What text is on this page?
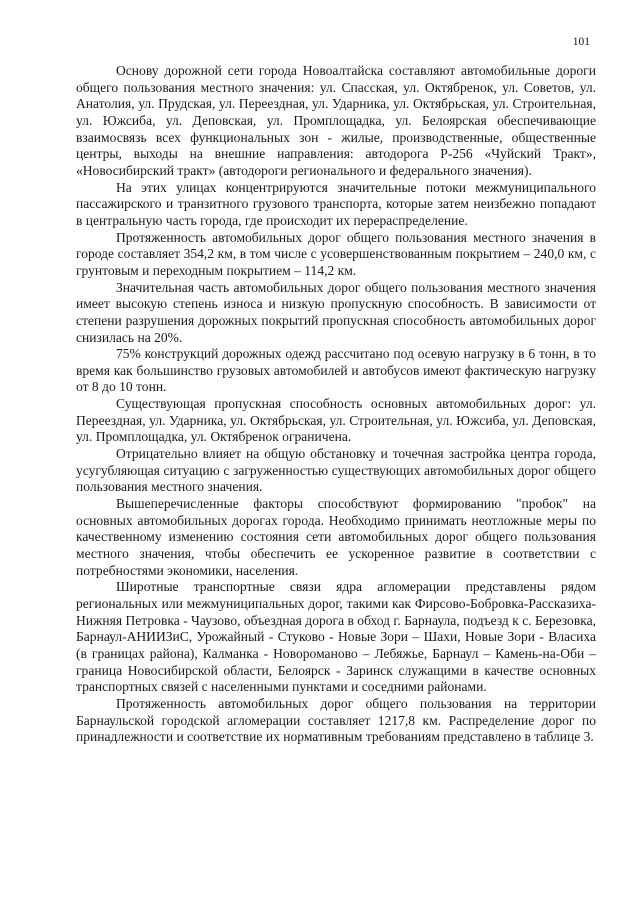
101

Основу дорожной сети города Новоалтайска составляют автомобильные дороги общего пользования местного значения: ул. Спасская, ул. Октябренок, ул. Советов, ул. Анатолия, ул. Прудская, ул. Переездная, ул. Ударника, ул. Октябрьская, ул. Строительная, ул. Южсиба, ул. Деповская, ул. Промплощадка, ул. Белоярская обеспечивающие взаимосвязь всех функциональных зон - жилые, производственные, общественные центры, выходы на внешние направления: автодорога Р-256 «Чуйский Тракт», «Новосибирский тракт» (автодороги регионального и федерального значения).

На этих улицах концентрируются значительные потоки межмуниципального пассажирского и транзитного грузового транспорта, которые затем неизбежно попадают в центральную часть города, где происходит их перераспределение.

Протяженность автомобильных дорог общего пользования местного значения в городе составляет 354,2 км, в том числе с усовершенствованным покрытием – 240,0 км, с грунтовым и переходным покрытием – 114,2 км.

Значительная часть автомобильных дорог общего пользования местного значения имеет высокую степень износа и низкую пропускную способность. В зависимости от степени разрушения дорожных покрытий пропускная способность автомобильных дорог снизилась на 20%.

75% конструкций дорожных одежд рассчитано под осевую нагрузку в 6 тонн, в то время как большинство грузовых автомобилей и автобусов имеют фактическую нагрузку от 8 до 10 тонн.

Существующая пропускная способность основных автомобильных дорог: ул. Переездная, ул. Ударника, ул. Октябрьская, ул. Строительная, ул. Южсиба, ул. Деповская, ул. Промплощадка, ул. Октябренок ограничена.

Отрицательно влияет на общую обстановку и точечная застройка центра города, усугубляющая ситуацию с загруженностью существующих автомобильных дорог общего пользования местного значения.

Вышеперечисленные факторы способствуют формированию "пробок" на основных автомобильных дорогах города. Необходимо принимать неотложные меры по качественному изменению состояния сети автомобильных дорог общего пользования местного значения, чтобы обеспечить ее ускоренное развитие в соответствии с потребностями экономики, населения.

Широтные транспортные связи ядра агломерации представлены рядом региональных или межмуниципальных дорог, такими как Фирсово-Бобровка-Рассказиха-Нижняя Петровка - Чаузово, объездная дорога в обход г. Барнаула, подъезд к с. Березовка, Барнаул-АНИИЗиС, Урожайный - Стуково - Новые Зори – Шахи, Новые Зори - Власиха (в границах района), Калманка - Новороманово – Лебяжье, Барнаул – Камень-на-Оби – граница Новосибирской области, Белоярск - Заринск служащими в качестве основных транспортных связей с населенными пунктами и соседними районами.

Протяженность автомобильных дорог общего пользования на территории Барнаульской городской агломерации составляет 1217,8 км. Распределение дорог по принадлежности и соответствие их нормативным требованиям представлено в таблице 3.
